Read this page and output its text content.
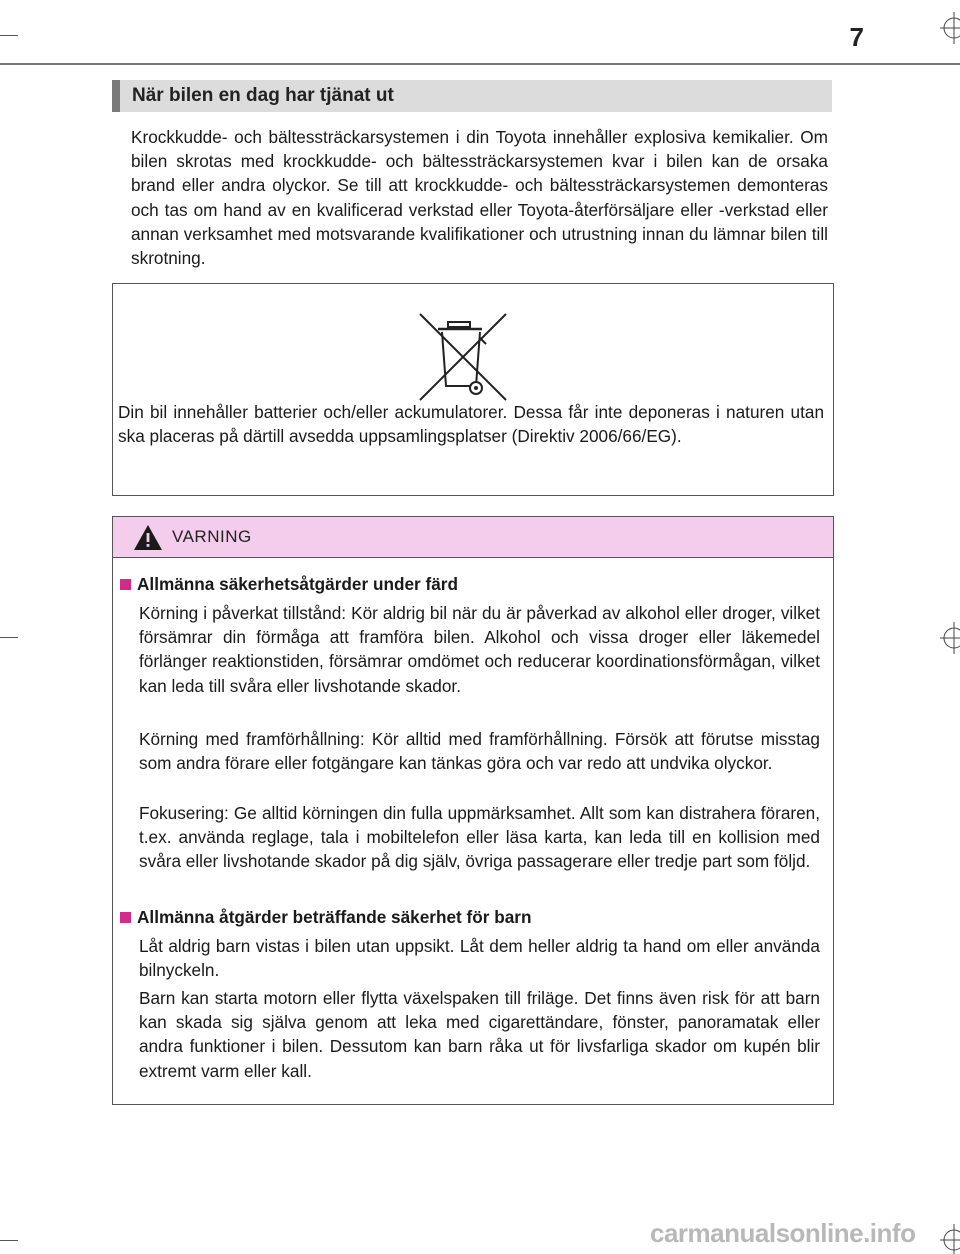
7
När bilen en dag har tjänat ut
Krockkudde- och bältessträckarsystemen i din Toyota innehåller explosiva kemikalier. Om bilen skrotas med krockkudde- och bältessträckarsystemen kvar i bilen kan de orsaka brand eller andra olyckor. Se till att krockkudde- och bältessträckarsystemen demonteras och tas om hand av en kvalificerad verkstad eller Toyota-återförsäljare eller -verkstad eller annan verksamhet med motsvarande kvalifikationer och utrustning innan du lämnar bilen till skrotning.
Din bil innehåller batterier och/eller ackumulatorer. Dessa får inte deponeras i naturen utan ska placeras på därtill avsedda uppsamlingsplatser (Direktiv 2006/66/EG).
VARNING
Allmänna säkerhetsåtgärder under färd
Körning i påverkat tillstånd: Kör aldrig bil när du är påverkad av alkohol eller droger, vilket försämrar din förmåga att framföra bilen. Alkohol och vissa droger eller läkemedel förlänger reaktionstiden, försämrar omdömet och reducerar koordinationsförmågan, vilket kan leda till svåra eller livshotande skador.
Körning med framförhållning: Kör alltid med framförhållning. Försök att förutse misstag som andra förare eller fotgängare kan tänkas göra och var redo att undvika olyckor.
Fokusering: Ge alltid körningen din fulla uppmärksamhet. Allt som kan distrahera föraren, t.ex. använda reglage, tala i mobiltelefon eller läsa karta, kan leda till en kollision med svåra eller livshotande skador på dig själv, övriga passagerare eller tredje part som följd.
Allmänna åtgärder beträffande säkerhet för barn
Låt aldrig barn vistas i bilen utan uppsikt. Låt dem heller aldrig ta hand om eller använda bilnyckeln.
Barn kan starta motorn eller flytta växelspaken till friläge. Det finns även risk för att barn kan skada sig själva genom att leka med cigarettändare, fönster, panoramatak eller andra funktioner i bilen. Dessutom kan barn råka ut för livsfarliga skador om kupén blir extremt varm eller kall.
carmanualsonline.info
